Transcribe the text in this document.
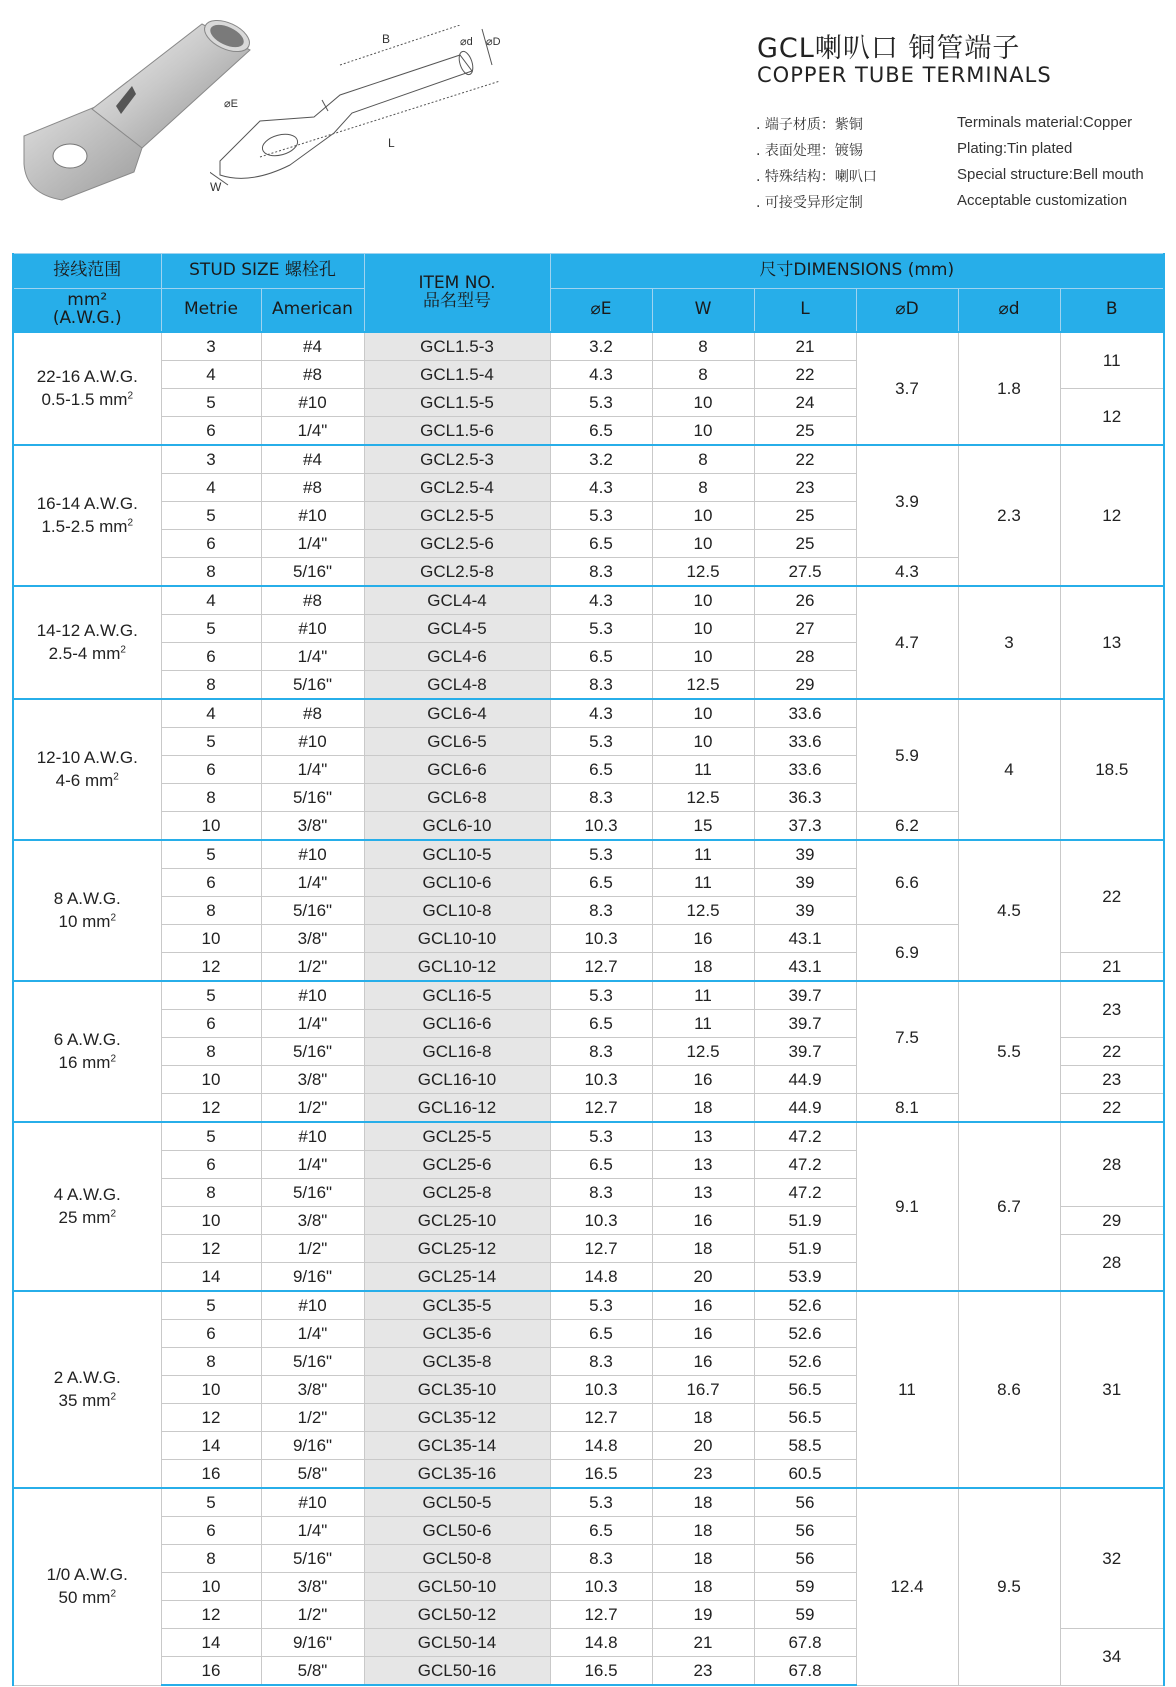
B	⌀d ⌀D
⌀E
L
W
GCL喇叭口 铜管端子
COPPER TUBE TERMINALS
. 端子材质：紫铜	Terminals material:Copper
. 表面处理：镀锡	Plating:Tin plated
. 特殊结构：喇叭口	Special structure:Bell mouth
. 可接受异形定制	Acceptable customization
接线范围	STUD SIZE 螺栓孔		ITEM NO.
品名型号	尺寸DIMENSIONS (mm)					
mm²
(A.W.G.)	Metrie	American		⌀E	W	L	⌀D	⌀d	B

22-16 A.W.G.
0.5-1.5 $mm^2$	3	#4	GCL1.5-3	3.2	8	21	3.7	1.8	11
	4	#8	GCL1.5-4	4.3	8	22			
	5	#10	GCL1.5-5	5.3	10	24			12
	6	1/4"	GCL1.5-6	6.5	10	25			

16-14 A.W.G.
1.5-2.5 $mm^2$	3	#4	GCL2.5-3	3.2	8	22	3.9	2.3	12
	4	#8	GCL2.5-4	4.3	8	23			
	5	#10	GCL2.5-5	5.3	10	25			
	6	1/4"	GCL2.5-6	6.5	10	25			
	8	5/16"	GCL2.5-8	8.3	12.5	27.5	4.3		

14-12 A.W.G.
2.5-4 $mm^2$	4	#8	GCL4-4	4.3	10	26	4.7	3	13
	5	#10	GCL4-5	5.3	10	27			
	6	1/4"	GCL4-6	6.5	10	28			
	8	5/16"	GCL4-8	8.3	12.5	29			

12-10 A.W.G.
4-6 $mm^2$	4	#8	GCL6-4	4.3	10	33.6	5.9	4	18.5
	5	#10	GCL6-5	5.3	10	33.6			
	6	1/4"	GCL6-6	6.5	11	33.6			
	8	5/16"	GCL6-8	8.3	12.5	36.3			
	10	3/8"	GCL6-10	10.3	15	37.3	6.2		

8 A.W.G.
10 $mm^2$	5	#10	GCL10-5	5.3	11	39	6.6	4.5	22
	6	1/4"	GCL10-6	6.5	11	39			
	8	5/16"	GCL10-8	8.3	12.5	39			
	10	3/8"	GCL10-10	10.3	16	43.1	6.9		
	12	1/2"	GCL10-12	12.7	18	43.1			21

6 A.W.G.
16 $mm^2$	5	#10	GCL16-5	5.3	11	39.7	7.5	5.5	23
	6	1/4"	GCL16-6	6.5	11	39.7			
	8	5/16"	GCL16-8	8.3	12.5	39.7			22
	10	3/8"	GCL16-10	10.3	16	44.9			23
	12	1/2"	GCL16-12	12.7	18	44.9	8.1		22

4 A.W.G.
25 $mm^2$	5	#10	GCL25-5	5.3	13	47.2	9.1	6.7	28
	6	1/4"	GCL25-6	6.5	13	47.2			
	8	5/16"	GCL25-8	8.3	13	47.2			
	10	3/8"	GCL25-10	10.3	16	51.9			29
	12	1/2"	GCL25-12	12.7	18	51.9			28
	14	9/16"	GCL25-14	14.8	20	53.9			

2 A.W.G.
35 $mm^2$	5	#10	GCL35-5	5.3	16	52.6	11	8.6	31
	6	1/4"	GCL35-6	6.5	16	52.6			
	8	5/16"	GCL35-8	8.3	16	52.6			
	10	3/8"	GCL35-10	10.3	16.7	56.5			
	12	1/2"	GCL35-12	12.7	18	56.5			
	14	9/16"	GCL35-14	14.8	20	58.5			
	16	5/8"	GCL35-16	16.5	23	60.5			

1/0 A.W.G.
50 $mm^2$	5	#10	GCL50-5	5.3	18	56	12.4	9.5	32
	6	1/4"	GCL50-6	6.5	18	56			
	8	5/16"	GCL50-8	8.3	18	56			
	10	3/8"	GCL50-10	10.3	18	59			
	12	1/2"	GCL50-12	12.7	19	59			
	14	9/16"	GCL50-14	14.8	21	67.8			34
	16	5/8"	GCL50-16	16.5	23	67.8			
